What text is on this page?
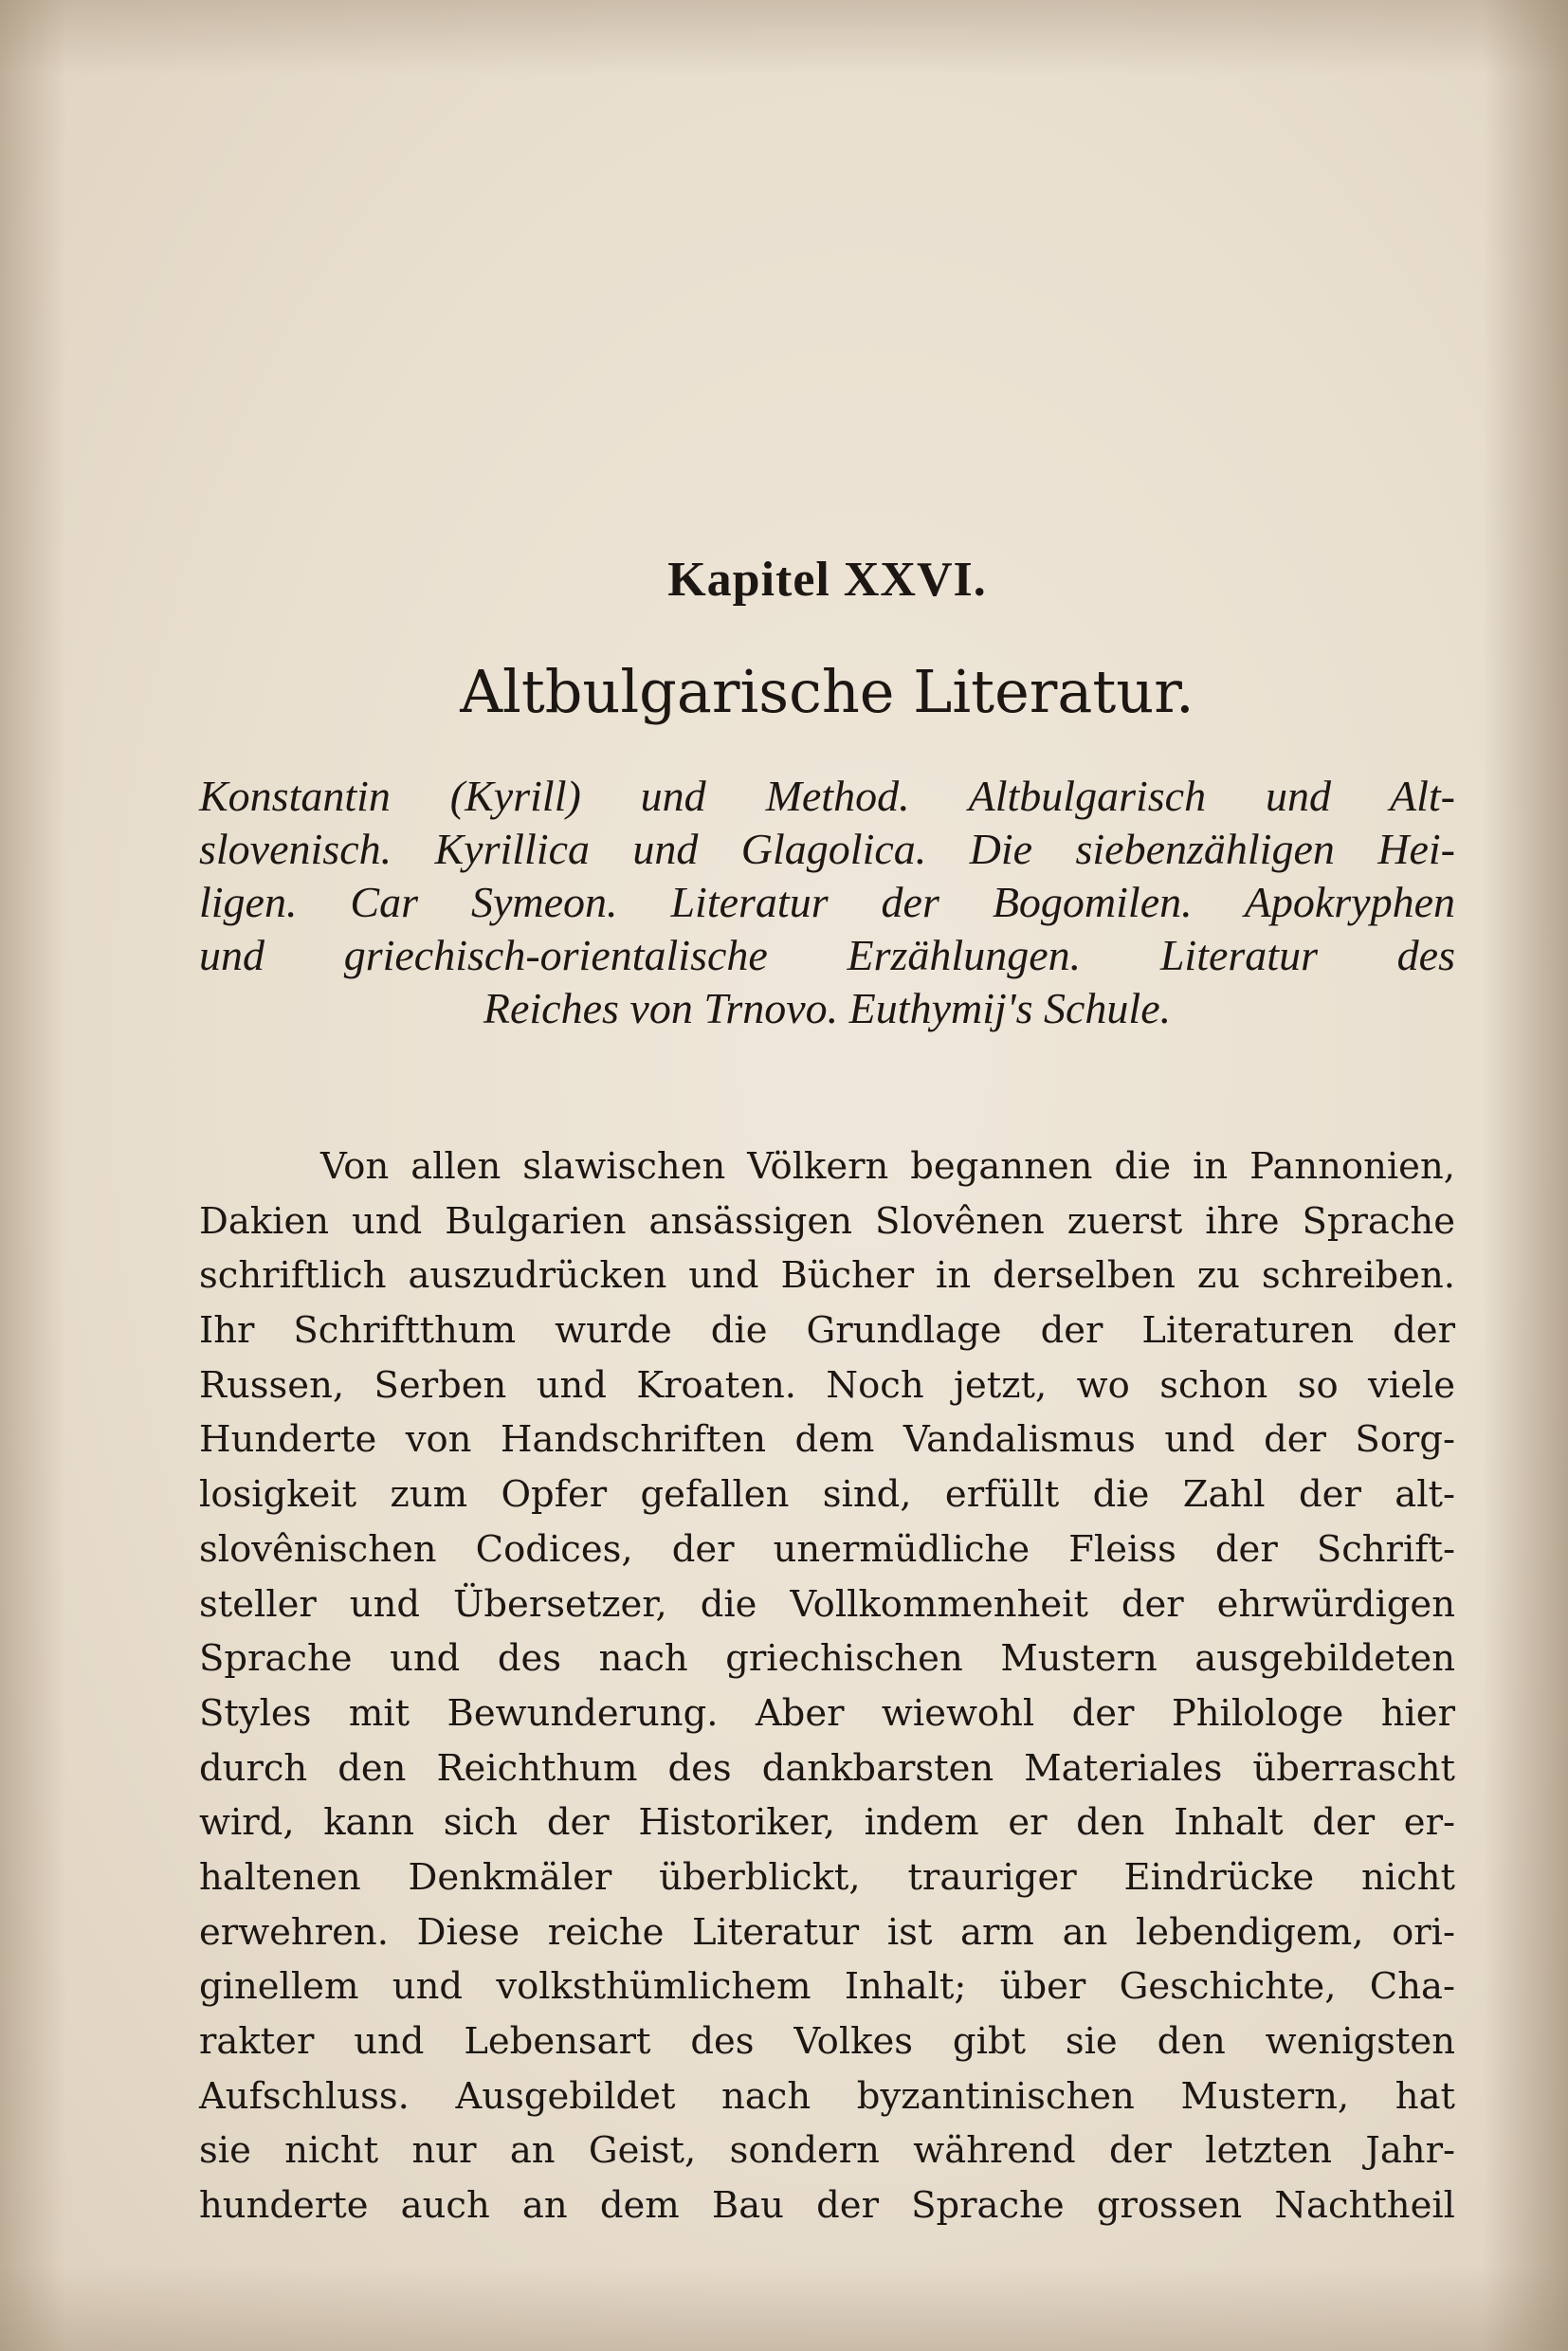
Kapitel XXVI.
Altbulgarische Literatur.
Konstantin (Kyrill) und Method. Altbulgarisch und Alt-
slovenisch. Kyrillica und Glagolica. Die siebenzähligen Hei-
ligen. Car Symeon. Literatur der Bogomilen. Apokryphen
und griechisch-orientalische Erzählungen. Literatur des
Reiches von Trnovo. Euthymij's Schule.
Von allen slawischen Völkern begannen die in Pannonien,
Dakien und Bulgarien ansässigen Slovênen zuerst ihre Sprache
schriftlich auszudrücken und Bücher in derselben zu schreiben.
Ihr Schriftthum wurde die Grundlage der Literaturen der
Russen, Serben und Kroaten. Noch jetzt, wo schon so viele
Hunderte von Handschriften dem Vandalismus und der Sorg-
losigkeit zum Opfer gefallen sind, erfüllt die Zahl der alt-
slovênischen Codices, der unermüdliche Fleiss der Schrift-
steller und Übersetzer, die Vollkommenheit der ehrwürdigen
Sprache und des nach griechischen Mustern ausgebildeten
Styles mit Bewunderung. Aber wiewohl der Philologe hier
durch den Reichthum des dankbarsten Materiales überrascht
wird, kann sich der Historiker, indem er den Inhalt der er-
haltenen Denkmäler überblickt, trauriger Eindrücke nicht
erwehren. Diese reiche Literatur ist arm an lebendigem, ori-
ginellem und volksthümlichem Inhalt; über Geschichte, Cha-
rakter und Lebensart des Volkes gibt sie den wenigsten
Aufschluss. Ausgebildet nach byzantinischen Mustern, hat
sie nicht nur an Geist, sondern während der letzten Jahr-
hunderte auch an dem Bau der Sprache grossen Nachtheil
